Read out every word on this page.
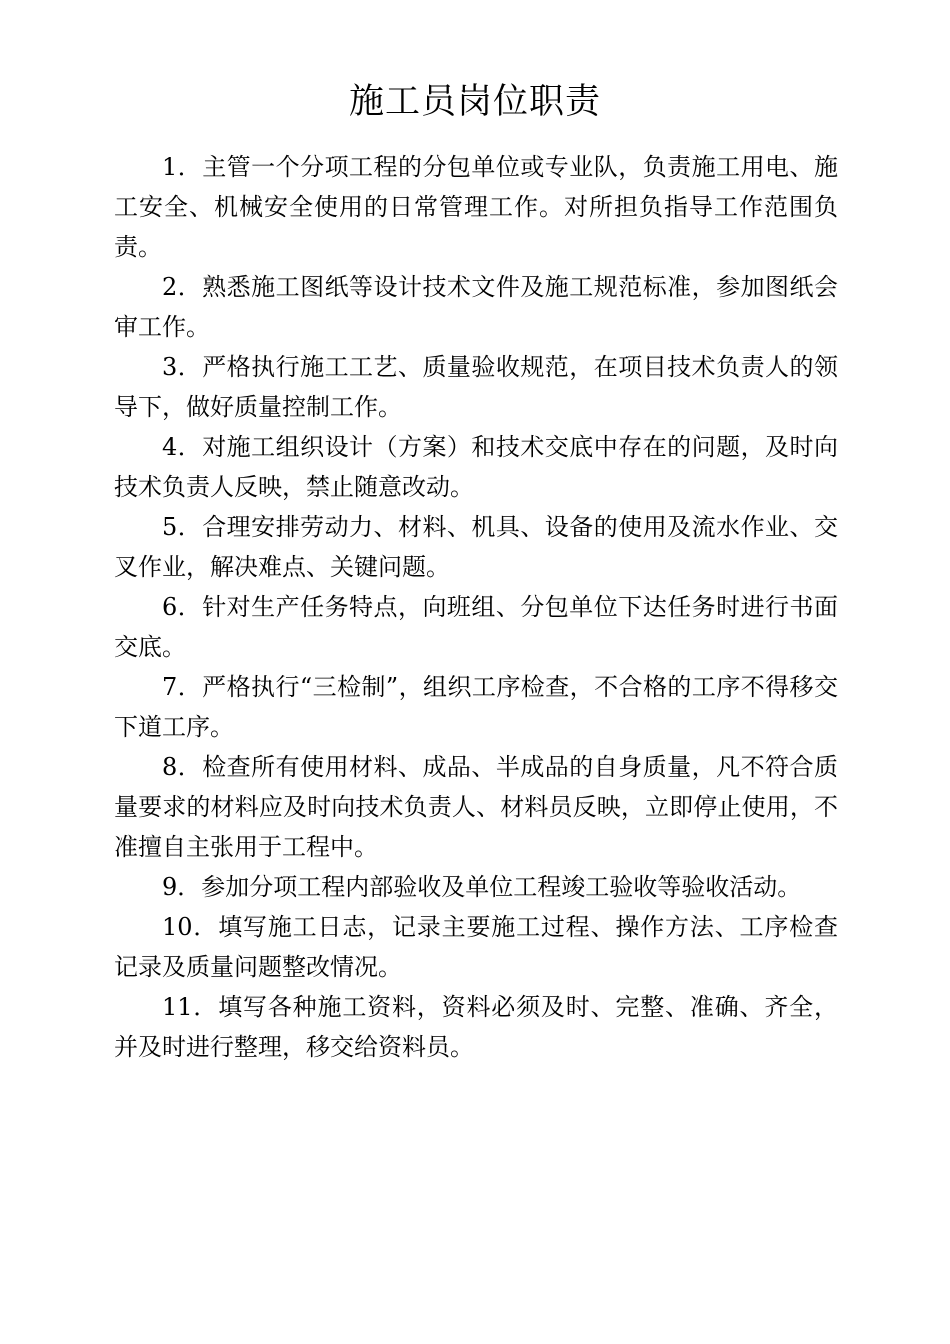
施工员岗位职责

1．主管一个分项工程的分包单位或专业队，负责施工用电、施工安全、机械安全使用的日常管理工作。对所担负指导工作范围负责。

2．熟悉施工图纸等设计技术文件及施工规范标准，参加图纸会审工作。

3．严格执行施工工艺、质量验收规范，在项目技术负责人的领导下，做好质量控制工作。

4．对施工组织设计（方案）和技术交底中存在的问题，及时向技术负责人反映，禁止随意改动。

5．合理安排劳动力、材料、机具、设备的使用及流水作业、交叉作业，解决难点、关键问题。

6．针对生产任务特点，向班组、分包单位下达任务时进行书面交底。

7．严格执行“三检制”，组织工序检查，不合格的工序不得移交下道工序。

8．检查所有使用材料、成品、半成品的自身质量，凡不符合质量要求的材料应及时向技术负责人、材料员反映，立即停止使用，不准擅自主张用于工程中。

9．参加分项工程内部验收及单位工程竣工验收等验收活动。

10．填写施工日志，记录主要施工过程、操作方法、工序检查记录及质量问题整改情况。

11．填写各种施工资料，资料必须及时、完整、准确、齐全，并及时进行整理，移交给资料员。
